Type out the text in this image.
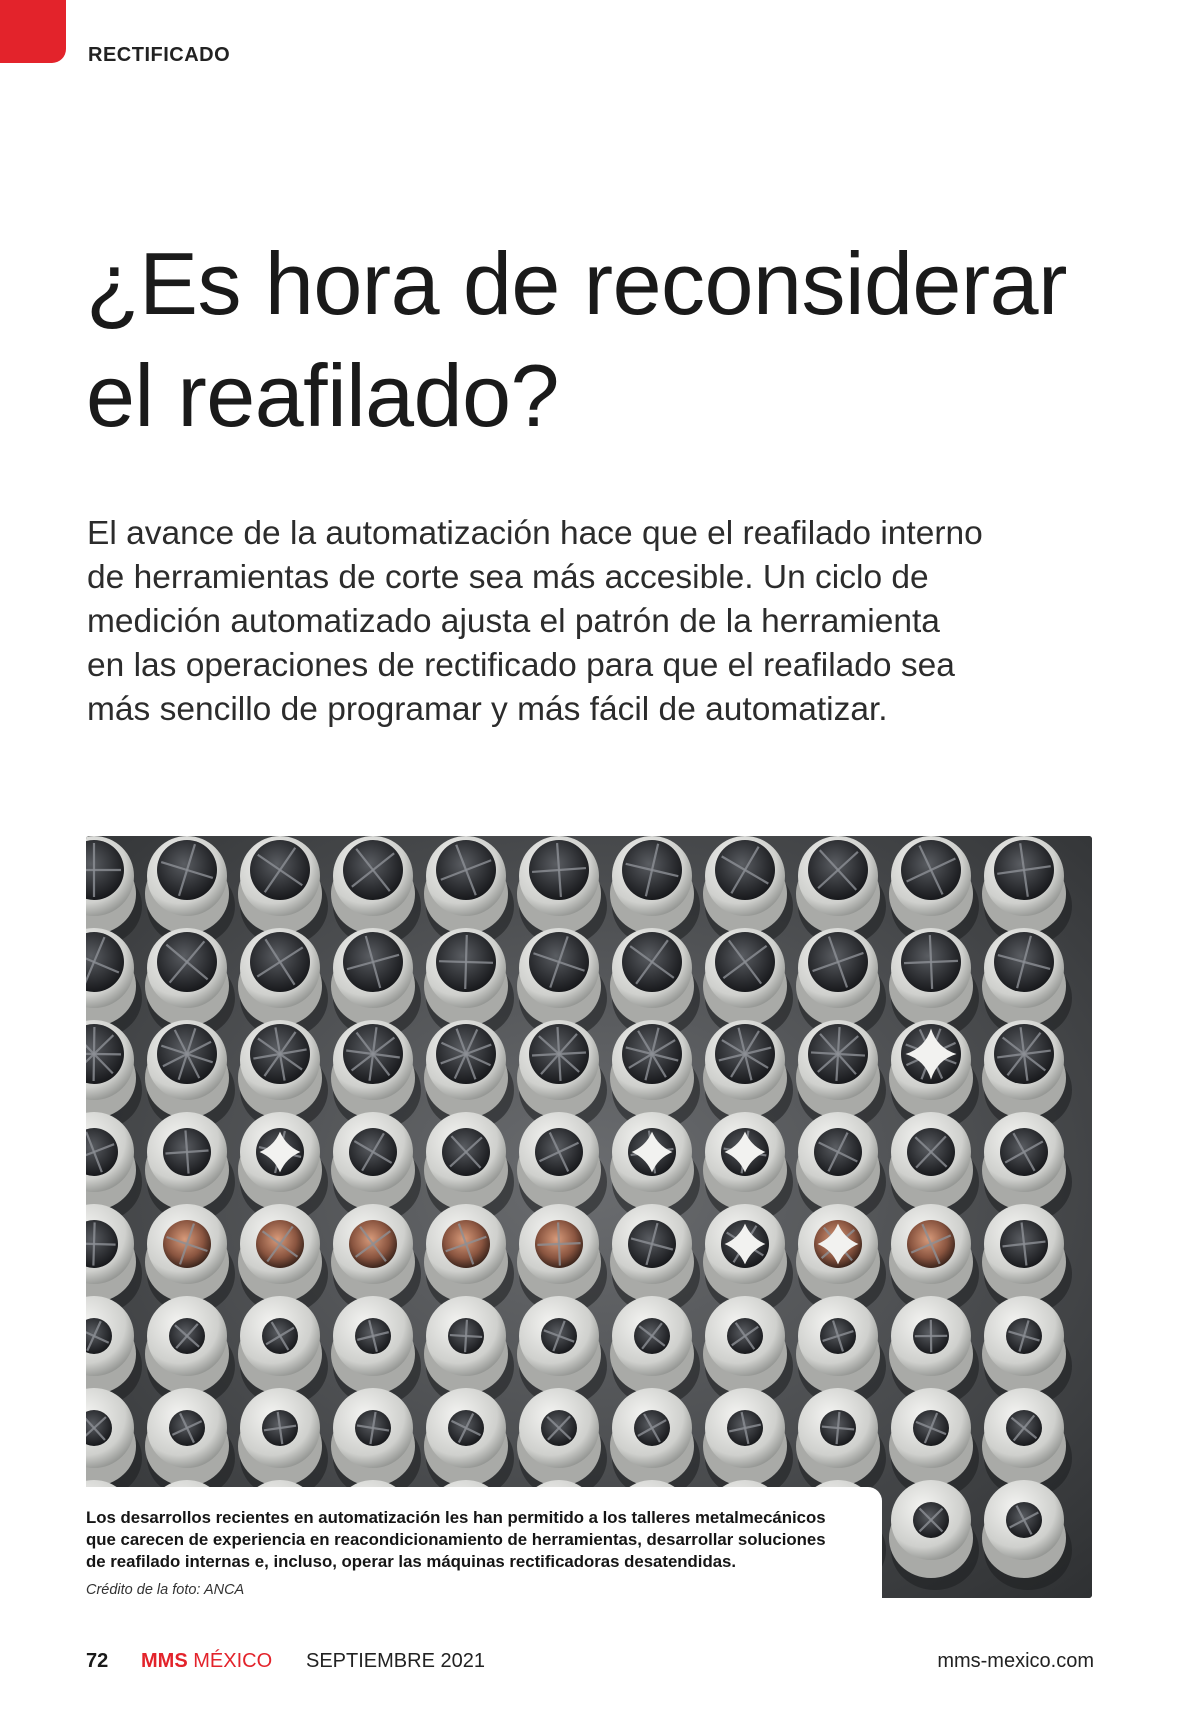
RECTIFICADO
¿Es hora de reconsiderar
el reafilado?

El avance de la automatización hace que el reafilado interno
de herramientas de corte sea más accesible. Un ciclo de
medición automatizado ajusta el patrón de la herramienta
en las operaciones de rectificado para que el reafilado sea
más sencillo de programar y más fácil de automatizar.

Los desarrollos recientes en automatización les han permitido a los talleres metalmecánicos
que carecen de experiencia en reacondicionamiento de herramientas, desarrollar soluciones
de reafilado internas e, incluso, operar las máquinas rectificadoras desatendidas.

Crédito de la foto: ANCA
72 MMS MÉXICO SEPTIEMBRE 2021	mms-mexico.com
